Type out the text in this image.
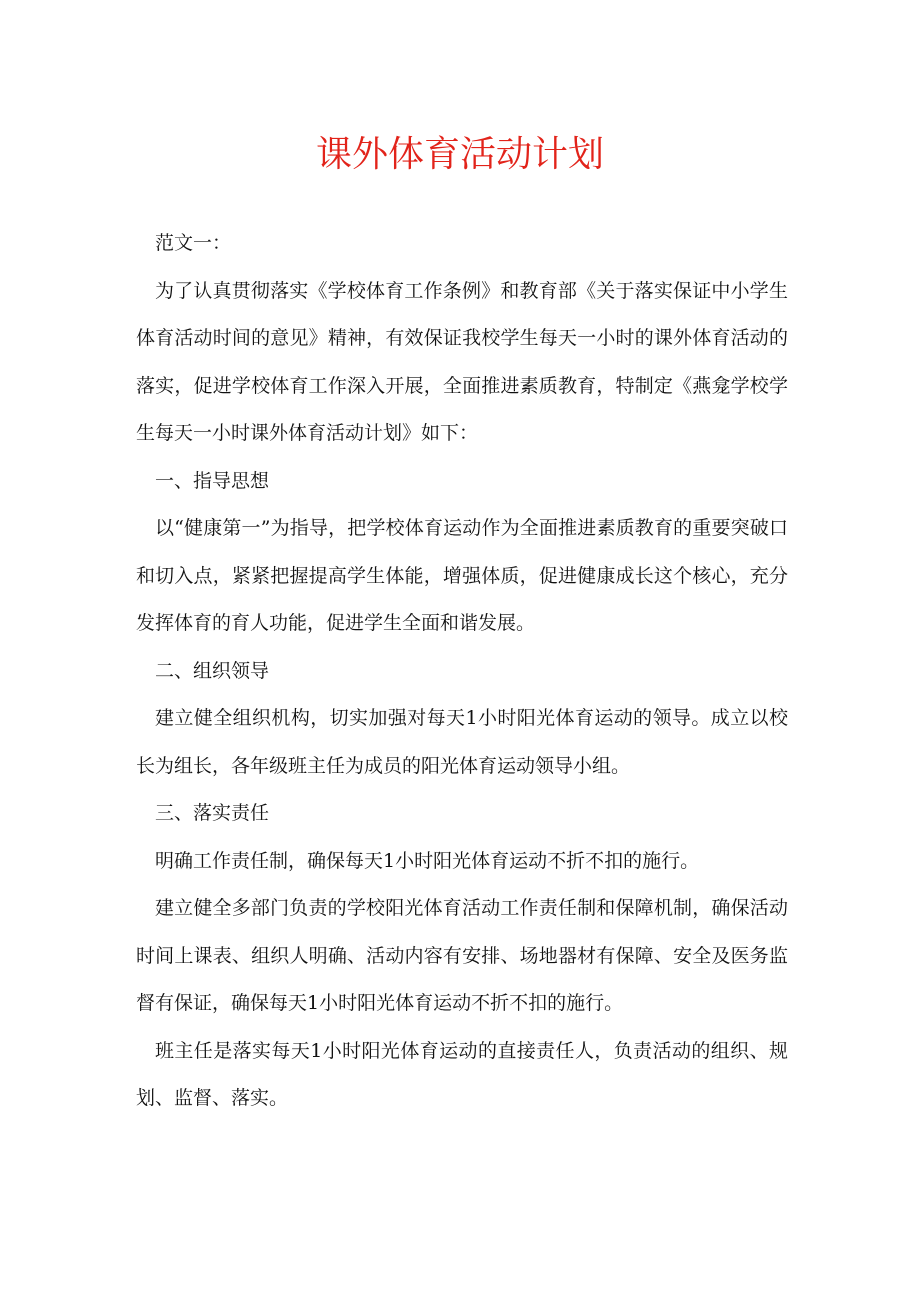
课外体育活动计划

范文一：

为了认真贯彻落实《学校体育工作条例》和教育部《关于落实保证中小学生体育活动时间的意见》精神，有效保证我校学生每天一小时的课外体育活动的落实，促进学校体育工作深入开展，全面推进素质教育，特制定《燕龛学校学生每天一小时课外体育活动计划》如下：

一、指导思想

以“健康第一”为指导，把学校体育运动作为全面推进素质教育的重要突破口和切入点，紧紧把握提高学生体能，增强体质，促进健康成长这个核心，充分发挥体育的育人功能，促进学生全面和谐发展。

二、组织领导

建立健全组织机构，切实加强对每天1小时阳光体育运动的领导。成立以校长为组长，各年级班主任为成员的阳光体育运动领导小组。

三、落实责任

明确工作责任制，确保每天1小时阳光体育运动不折不扣的施行。

建立健全多部门负责的学校阳光体育活动工作责任制和保障机制，确保活动时间上课表、组织人明确、活动内容有安排、场地器材有保障、安全及医务监督有保证，确保每天1小时阳光体育运动不折不扣的施行。

班主任是落实每天1小时阳光体育运动的直接责任人，负责活动的组织、规划、监督、落实。
